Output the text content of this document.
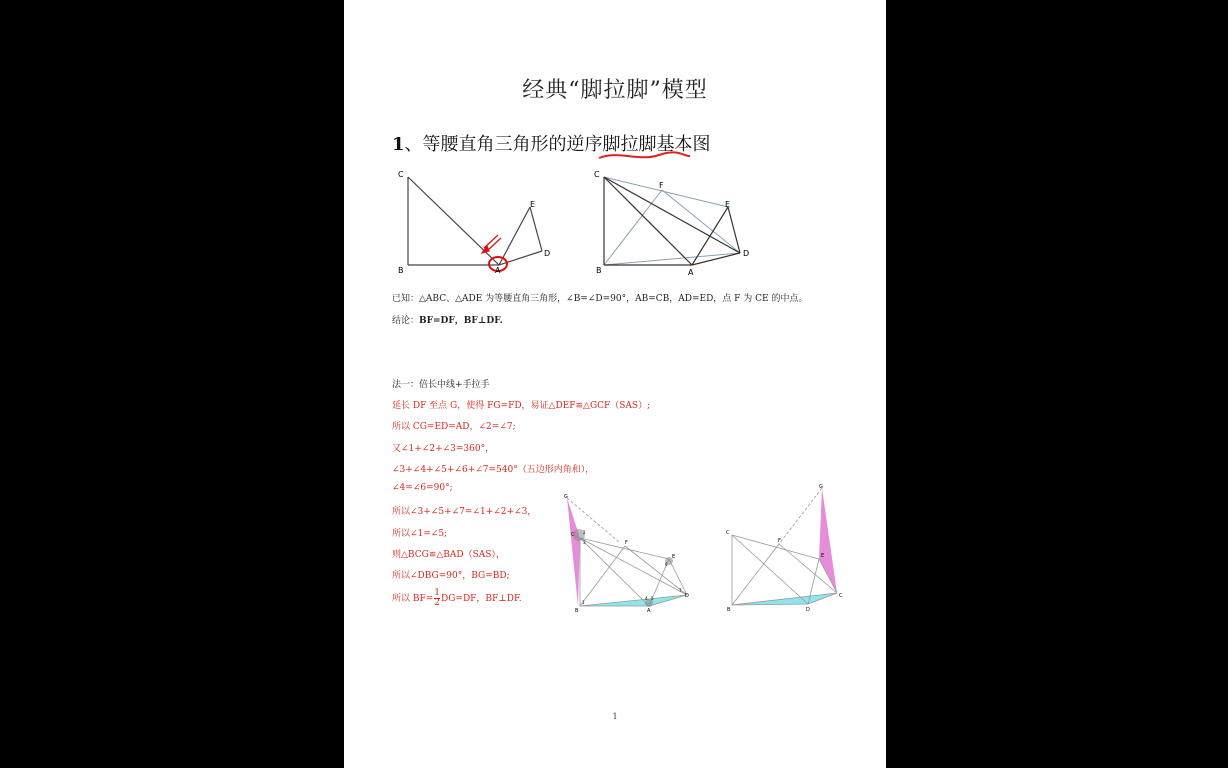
经典“脚拉脚”模型
1、等腰直角三角形的逆序脚拉脚基本图
C
B
E
D
A
C
F
E
D
B	A
已知：△ABC、△ADE 为等腰直角三角形，∠B=∠D=90°，AB=CB，AD=ED，点 F 为 CE 的中点。
结论：BF=DF，BF⊥DF.
法一：倍长中线+手拉手
延长 DF 至点 G，使得 FG=FD，易证△DEF≌△GCF（SAS）;
所以 CG=ED=AD，∠2=∠7;
又∠1+∠2+∠3=360°，
∠3+∠4+∠5+∠6+∠7=540°（五边形内角和），
∠4=∠6=90°;
所以∠3+∠5+∠7=∠1+∠2+∠3，
所以∠1=∠5;
则△BCG≌△BAD（SAS），
所以∠DBG=90°，BG=BD;
所以 $BF= \frac{1}{2} DG=DF$，BF⊥DF.
G
F
E
B	A
D
C
1
2
3
4 5
6
7
G
C
F
E
B	D
C
1
